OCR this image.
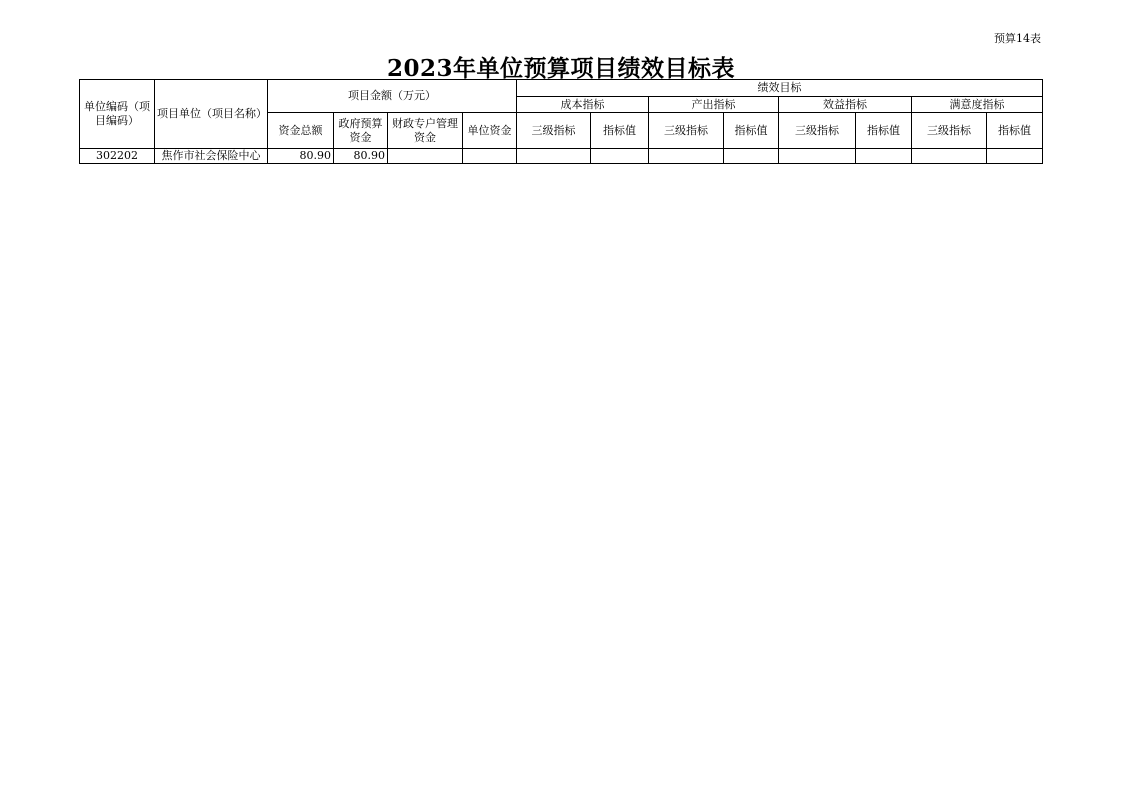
预算14表
2023年单位预算项目绩效目标表
单位编码（项目编码）	项目单位（项目名称）	项目金额（万元）				绩效目标							
						成本指标		产出指标		效益指标		满意度指标	
		资金总额	政府预算资金	财政专户管理资金	单位资金	三级指标	指标值	三级指标	指标值	三级指标	指标值	三级指标	指标值
302202	焦作市社会保险中心	80.90	80.90										
